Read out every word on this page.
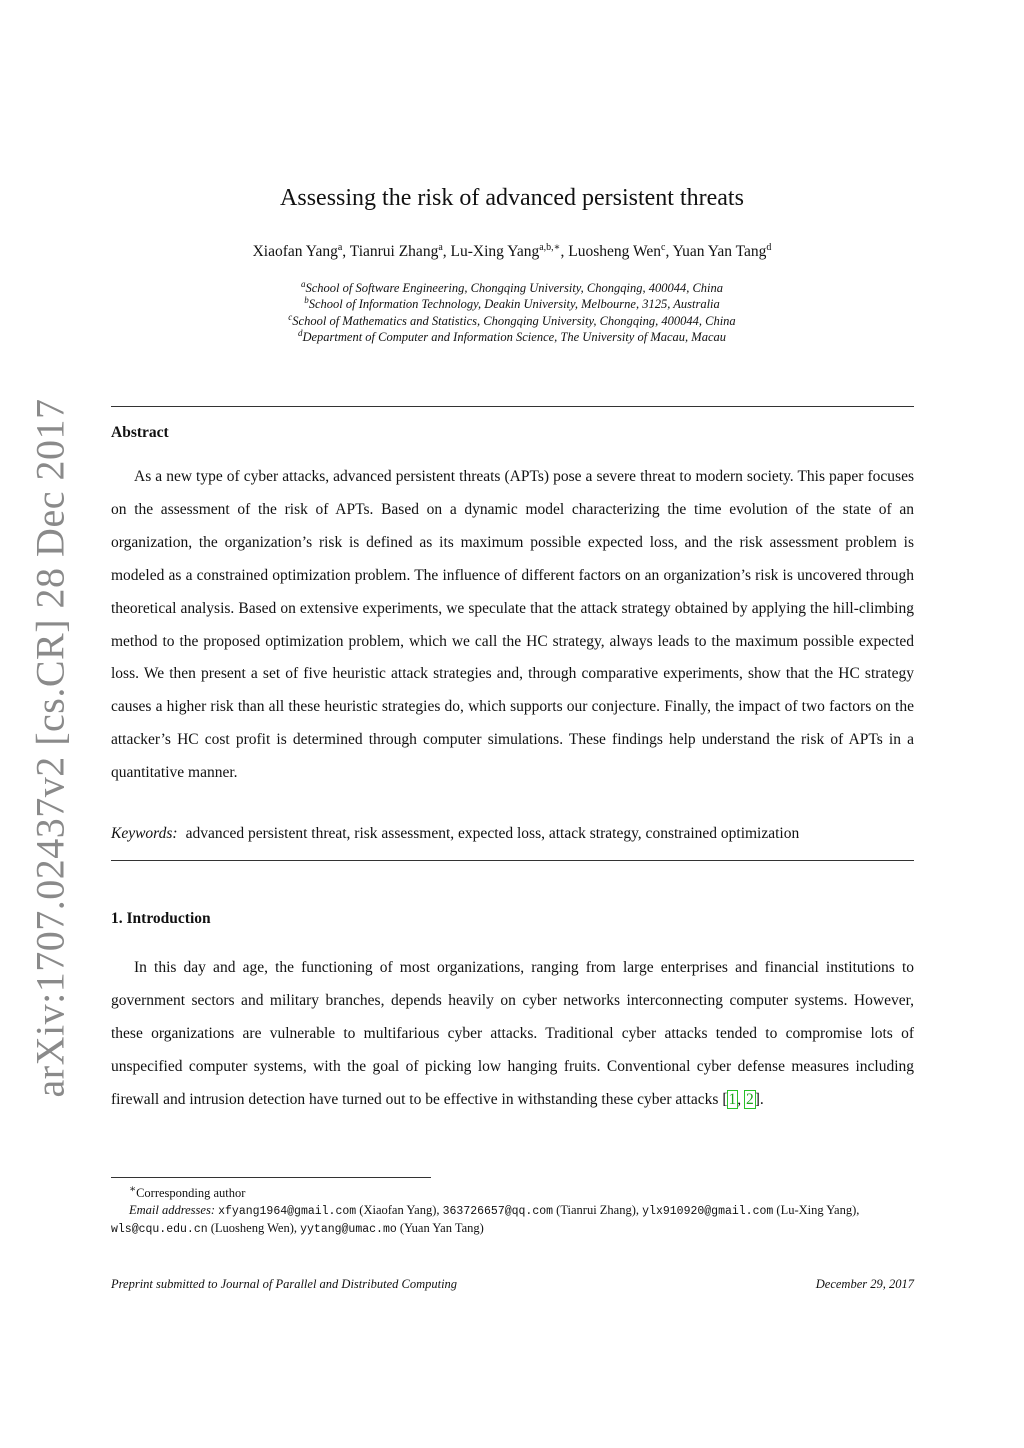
arXiv:1707.02437v2 [cs.CR] 28 Dec 2017
Assessing the risk of advanced persistent threats
Xiaofan Yang$^a$, Tianrui Zhang$^a$, Lu-Xing Yang$^{a,b,∗}$, Luosheng Wen$^c$, Yuan Yan Tang$^d$
$^a$School of Software Engineering, Chongqing University, Chongqing, 400044, China
$^b$School of Information Technology, Deakin University, Melbourne, 3125, Australia
$^c$School of Mathematics and Statistics, Chongqing University, Chongqing, 400044, China
$^d$Department of Computer and Information Science, The University of Macau, Macau
Abstract
As a new type of cyber attacks, advanced persistent threats (APTs) pose a severe threat to modern society. This paper focuses on the assessment of the risk of APTs. Based on a dynamic model characterizing the time evolution of the state of an organization, the organization’s risk is defined as its maximum possible expected loss, and the risk assessment problem is modeled as a constrained optimization problem. The influence of different factors on an organization’s risk is uncovered through theoretical analysis. Based on extensive experiments, we speculate that the attack strategy obtained by applying the hill-climbing method to the proposed optimization problem, which we call the HC strategy, always leads to the maximum possible expected loss. We then present a set of five heuristic attack strategies and, through comparative experiments, show that the HC strategy causes a higher risk than all these heuristic strategies do, which supports our conjecture. Finally, the impact of two factors on the attacker’s HC cost profit is determined through computer simulations. These findings help understand the risk of APTs in a quantitative manner.
Keywords: advanced persistent threat, risk assessment, expected loss, attack strategy, constrained optimization
1. Introduction
In this day and age, the functioning of most organizations, ranging from large enterprises and financial institutions to government sectors and military branches, depends heavily on cyber networks interconnecting computer systems. However, these organizations are vulnerable to multifarious cyber attacks. Traditional cyber attacks tended to compromise lots of unspecified computer systems, with the goal of picking low hanging fruits. Conventional cyber defense measures including firewall and intrusion detection have turned out to be effective in withstanding these cyber attacks [1, 2].
∗Corresponding author
Email addresses: xfyang1964@gmail.com (Xiaofan Yang), 363726657@qq.com (Tianrui Zhang), ylx910920@gmail.com (Lu-Xing Yang), wls@cqu.edu.cn (Luosheng Wen), yytang@umac.mo (Yuan Yan Tang)
Preprint submitted to Journal of Parallel and Distributed Computing	December 29, 2017
